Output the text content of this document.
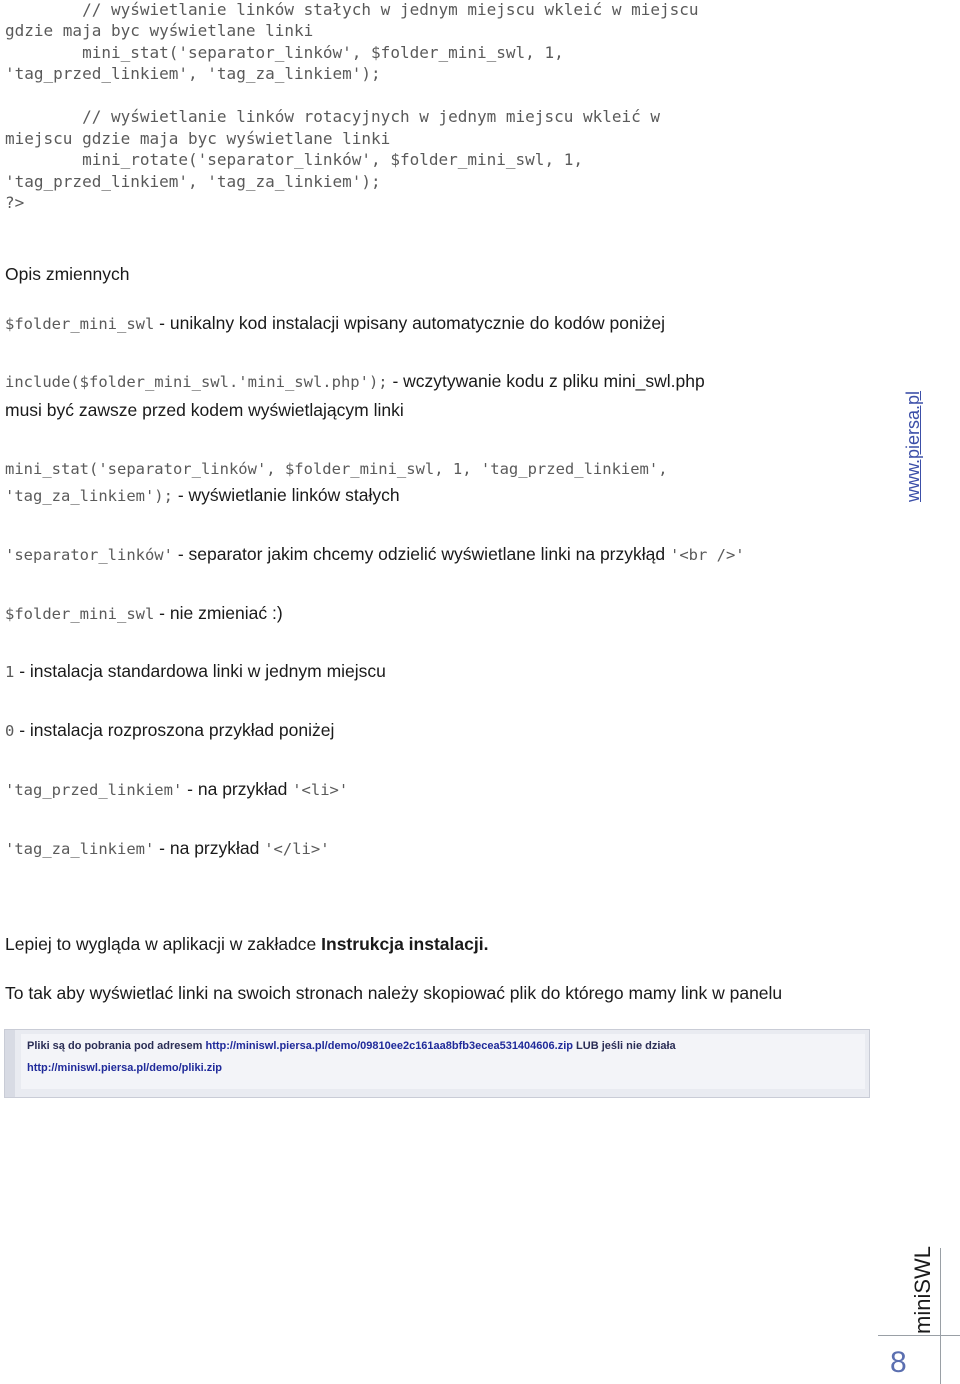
// wyświetlanie linków stałych w jednym miejscu wkleić w miejscu
gdzie maja byc wyświetlane linki
mini_stat('separator_linków', $folder_mini_swl, 1,
'tag_przed_linkiem', 'tag_za_linkiem');
// wyświetlanie linków rotacyjnych w jednym miejscu wkleić w
miejscu gdzie maja byc wyświetlane linki
mini_rotate('separator_linków', $folder_mini_swl, 1,
'tag_przed_linkiem', 'tag_za_linkiem');
?>
Opis zmiennych
$folder_mini_swl - unikalny kod instalacji wpisany automatycznie do kodów poniżej
include($folder_mini_swl.'mini_swl.php'); - wczytywanie kodu z pliku mini_swl.php
musi być zawsze przed kodem wyświetlającym linki
mini_stat('separator_linków', $folder_mini_swl, 1, 'tag_przed_linkiem',
'tag_za_linkiem'); - wyświetlanie linków stałych
'separator_linków' - separator jakim chcemy odzielić wyświetlane linki na przykłąd '<br />'
$folder_mini_swl - nie zmieniać :)
1 - instalacja standardowa linki w jednym miejscu
0 - instalacja rozproszona przykład poniżej
'tag_przed_linkiem' - na przykład '<li>'
'tag_za_linkiem' - na przykład '</li>'
Lepiej to wygląda w aplikacji w zakładce Instrukcja instalacji.
To tak aby wyświetlać linki na swoich stronach należy skopiować plik do którego mamy link w panelu
Pliki są do pobrania pod adresem http://miniswl.piersa.pl/demo/09810ee2c161aa8bfb3ecea531404606.zip LUB jeśli nie działa
http://miniswl.piersa.pl/demo/pliki.zip
www.piersa.pl
miniSWL
8
